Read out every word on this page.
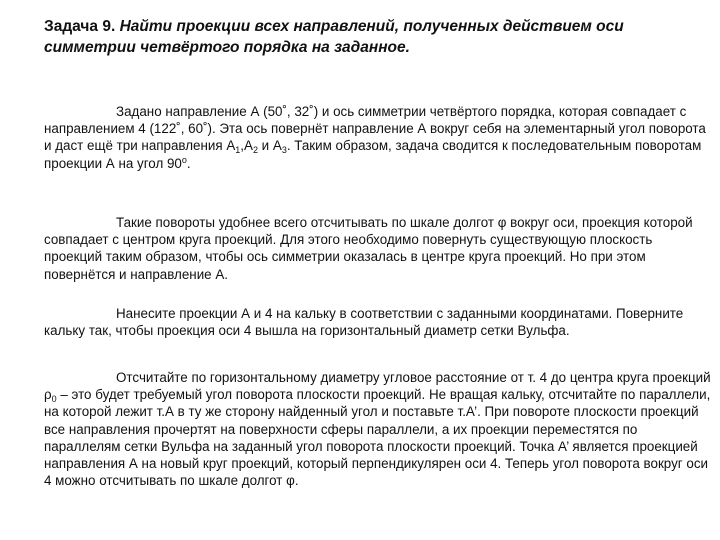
Задача 9. Найти проекции всех направлений, полученных действием оси симметрии четвёртого порядка на заданное.

Задано направление А (50˚, 32˚) и ось симметрии четвёртого порядка, которая совпадает с направлением 4 (122˚, 60˚). Эта ось повернёт направление А вокруг себя на элементарный угол поворота и даст ещё три направления $А_1,А_2$ и $А_3$. Таким образом, задача сводится к последовательным поворотам проекции А на угол $90^о$.

Такие повороты удобнее всего отсчитывать по шкале долгот φ вокруг оси, проекция которой совпадает с центром круга проекций. Для этого необходимо повернуть существующую плоскость проекций таким образом, чтобы ось симметрии оказалась в центре круга проекций. Но при этом повернётся и направление А.

Нанесите проекции А и 4 на кальку в соответствии с заданными координатами. Поверните кальку так, чтобы проекция оси 4 вышла на горизонтальный диаметр сетки Вульфа.

Отсчитайте по горизонтальному диаметру угловое расстояние от т. 4 до центра круга проекций $\rho_0$ – это будет требуемый угол поворота плоскости проекций. Не вращая кальку, отсчитайте по параллели, на которой лежит т.А в ту же сторону найденный угол и поставьте т.А’. При повороте плоскости проекций все направления прочертят на поверхности сферы параллели, а их проекции переместятся по параллелям сетки Вульфа на заданный угол поворота плоскости проекций. Точка А’ является проекцией направления А на новый круг проекций, который перпендикулярен оси 4. Теперь угол поворота вокруг оси 4 можно отсчитывать по шкале долгот φ.
